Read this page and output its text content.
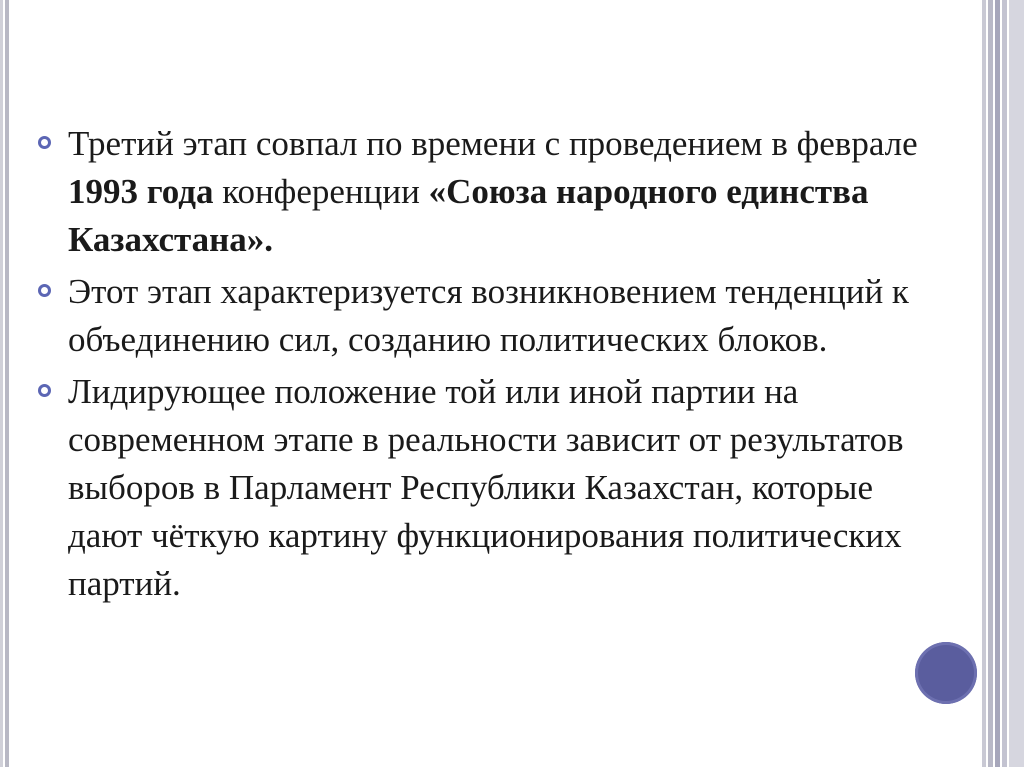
Третий этап совпал по времени с проведением в феврале 1993 года конференции «Союза народного единства Казахстана».
Этот этап характеризуется возникновением тенденций к объединению сил, созданию политических блоков.
Лидирующее положение той или иной партии на современном этапе в реальности зависит от результатов выборов в Парламент Республики Казахстан, которые дают чёткую картину функционирования политических партий.
